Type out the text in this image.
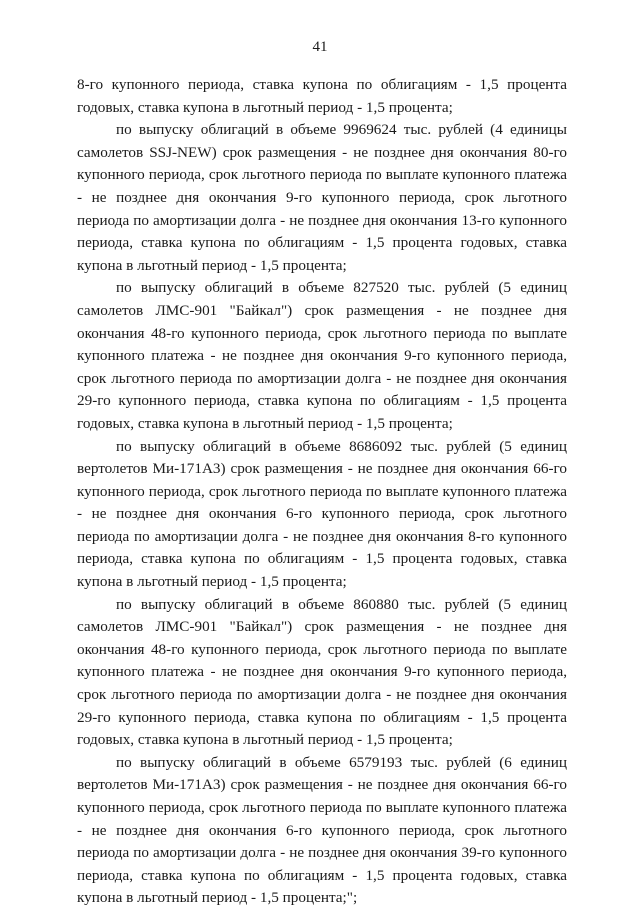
41

8-го купонного периода, ставка купона по облигациям - 1,5 процента годовых, ставка купона в льготный период - 1,5 процента;

по выпуску облигаций в объеме 9969624 тыс. рублей (4 единицы самолетов SSJ-NEW) срок размещения - не позднее дня окончания 80-го купонного периода, срок льготного периода по выплате купонного платежа - не позднее дня окончания 9-го купонного периода, срок льготного периода по амортизации долга - не позднее дня окончания 13-го купонного периода, ставка купона по облигациям - 1,5 процента годовых, ставка купона в льготный период - 1,5 процента;

по выпуску облигаций в объеме 827520 тыс. рублей (5 единиц самолетов ЛМС-901 "Байкал") срок размещения - не позднее дня окончания 48-го купонного периода, срок льготного периода по выплате купонного платежа - не позднее дня окончания 9-го купонного периода, срок льготного периода по амортизации долга - не позднее дня окончания 29-го купонного периода, ставка купона по облигациям - 1,5 процента годовых, ставка купона в льготный период - 1,5 процента;

по выпуску облигаций в объеме 8686092 тыс. рублей (5 единиц вертолетов Ми-171А3) срок размещения - не позднее дня окончания 66-го купонного периода, срок льготного периода по выплате купонного платежа - не позднее дня окончания 6-го купонного периода, срок льготного периода по амортизации долга - не позднее дня окончания 8-го купонного периода, ставка купона по облигациям - 1,5 процента годовых, ставка купона в льготный период - 1,5 процента;

по выпуску облигаций в объеме 860880 тыс. рублей (5 единиц самолетов ЛМС-901 "Байкал") срок размещения - не позднее дня окончания 48-го купонного периода, срок льготного периода по выплате купонного платежа - не позднее дня окончания 9-го купонного периода, срок льготного периода по амортизации долга - не позднее дня окончания 29-го купонного периода, ставка купона по облигациям - 1,5 процента годовых, ставка купона в льготный период - 1,5 процента;

по выпуску облигаций в объеме 6579193 тыс. рублей (6 единиц вертолетов Ми-171А3) срок размещения - не позднее дня окончания 66-го купонного периода, срок льготного периода по выплате купонного платежа - не позднее дня окончания 6-го купонного периода, срок льготного периода по амортизации долга - не позднее дня окончания 39-го купонного периода, ставка купона по облигациям - 1,5 процента годовых, ставка купона в льготный период - 1,5 процента;";
